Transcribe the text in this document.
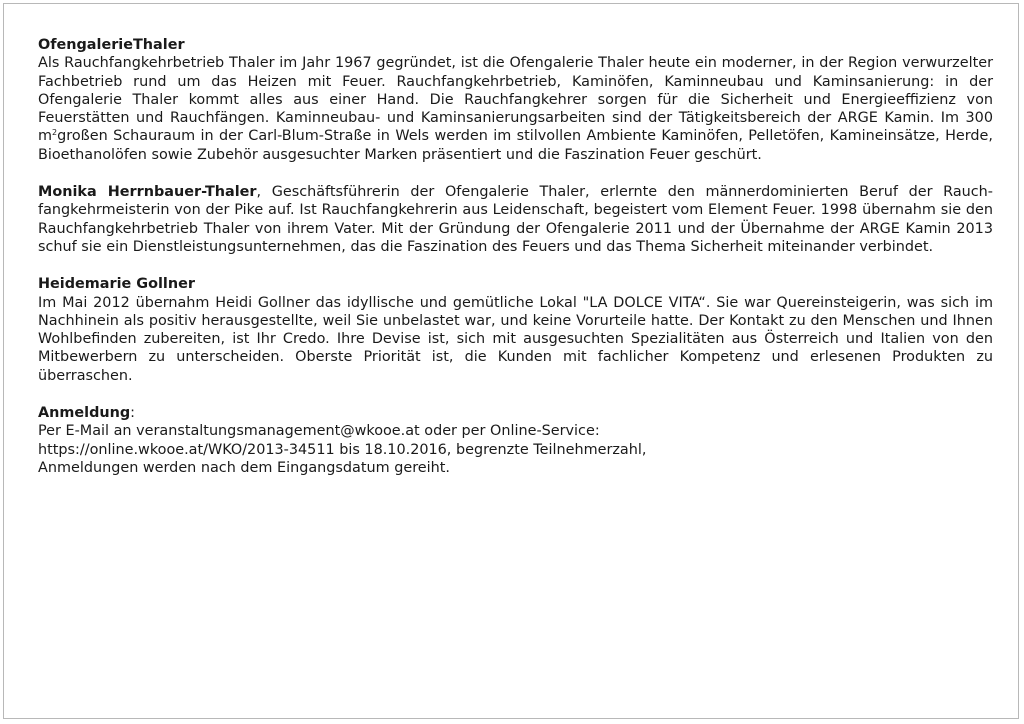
OfengalerieThaler

Als Rauchfangkehrbetrieb Thaler im Jahr 1967 gegründet, ist die Ofengalerie Thaler heute ein moderner, in der Region verwurzelter Fachbetrieb rund um das Heizen mit Feuer. Rauchfangkehrbetrieb, Kaminöfen, Kaminneubau und Kaminsanierung: in der Ofengalerie Thaler kommt alles aus einer Hand. Die Rauchfangkehrer sorgen für die Sicherheit und Energieeffizienz von Feuerstätten und Rauchfängen. Kaminneubau- und Kaminsanierungsarbeiten sind der Tätigkeitsbereich der ARGE Kamin. Im 300 $m^2großen$ Schauraum in der Carl-Blum-Straße in Wels werden im stilvollen Ambiente Kaminöfen, Pelletöfen, Kamineinsätze, Herde, Bioethanolöfen sowie Zubehör ausgesuchter Marken präsentiert und die Faszination Feuer geschürt.

Monika Herrnbauer-Thaler, Geschäftsführerin der Ofengalerie Thaler, erlernte den männerdominierten Beruf der Rauchfangkehrmeisterin von der Pike auf. Ist Rauchfangkehrerin aus Leidenschaft, begeistert vom Element Feuer. 1998 übernahm sie den Rauchfangkehrbetrieb Thaler von ihrem Vater. Mit der Gründung der Ofengalerie 2011 und der Übernahme der ARGE Kamin 2013 schuf sie ein Dienstleistungsunternehmen, das die Faszination des Feuers und das Thema Sicherheit miteinander verbindet.

Heidemarie Gollner

Im Mai 2012 übernahm Heidi Gollner das idyllische und gemütliche Lokal "LA DOLCE VITA“. Sie war Quereinsteigerin, was sich im Nachhinein als positiv herausgestellte, weil Sie unbelastet war, und keine Vorurteile hatte. Der Kontakt zu den Menschen und Ihnen Wohlbefinden zubereiten, ist Ihr Credo. Ihre Devise ist, sich mit ausgesuchten Spezialitäten aus Österreich und Italien von den Mitbewerbern zu unterscheiden. Oberste Priorität ist, die Kunden mit fachlicher Kompetenz und erlesenen Produkten zu überraschen.

Anmeldung:
Per E-Mail an veranstaltungsmanagement@wkooe.at oder per Online-Service:
https://online.wkooe.at/WKO/2013-34511 bis 18.10.2016, begrenzte Teilnehmerzahl,
Anmeldungen werden nach dem Eingangsdatum gereiht.
